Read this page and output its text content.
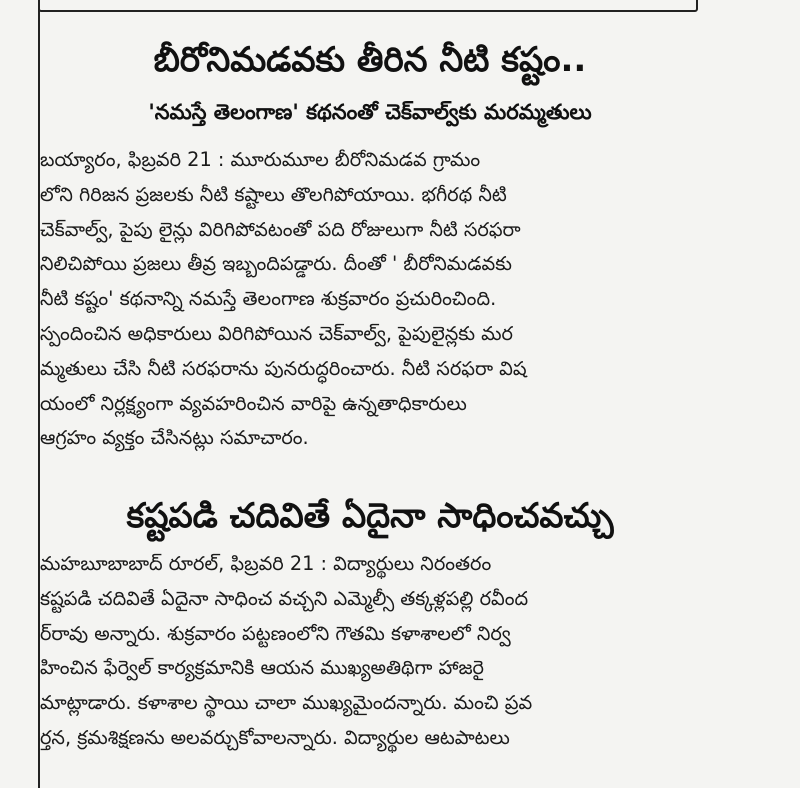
బీరోనిమడవకు తీరిన నీటి కష్టం..
'నమస్తే తెలంగాణ' కథనంతో చెక్‌వాల్వ్‌కు మరమ్మతులు
బయ్యారం, ఫిబ్రవరి 21 : మూరుమూల బీరోనిమడవ గ్రామం
లోని గిరిజన ప్రజలకు నీటి కష్టాలు తొలగిపోయాయి. భగీరథ నీటి
చెక్‌వాల్వ్, పైపు లైన్లు విరిగిపోవటంతో పది రోజులుగా నీటి సరఫరా
నిలిచిపోయి ప్రజలు తీవ్ర ఇబ్బందిపడ్డారు. దీంతో ' బీరోనిమడవకు
నీటి కష్టం' కథనాన్ని నమస్తే తెలంగాణ శుక్రవారం ప్రచురించింది.
స్పందించిన అధికారులు విరిగిపోయిన చెక్‌వాల్వ్, పైపులైన్లకు మర
మ్మతులు చేసి నీటి సరఫరాను పునరుద్ధరించారు. నీటి సరఫరా విష
యంలో నిర్లక్ష్యంగా వ్యవహరించిన వారిపై ఉన్నతాధికారులు
ఆగ్రహం వ్యక్తం చేసినట్లు సమాచారం.
కష్టపడి చదివితే ఏదైనా సాధించవచ్చు
మహబూబాబాద్ రూరల్, ఫిబ్రవరి 21 : విద్యార్థులు నిరంతరం
కష్టపడి చదివితే ఏదైనా సాధించ వచ్చని ఎమ్మెల్సీ తక్కళ్లపల్లి రవీంద
ర్‌రావు అన్నారు. శుక్రవారం పట్టణంలోని గౌతమి కళాశాలలో నిర్వ
హించిన ఫేర్వెల్ కార్యక్రమానికి ఆయన ముఖ్యఅతిథిగా హాజరై
మాట్లాడారు. కళాశాల స్థాయి చాలా ముఖ్యమైందన్నారు. మంచి ప్రవ
ర్తన, క్రమశిక్షణను అలవర్చుకోవాలన్నారు. విద్యార్థుల ఆటపాటలు
